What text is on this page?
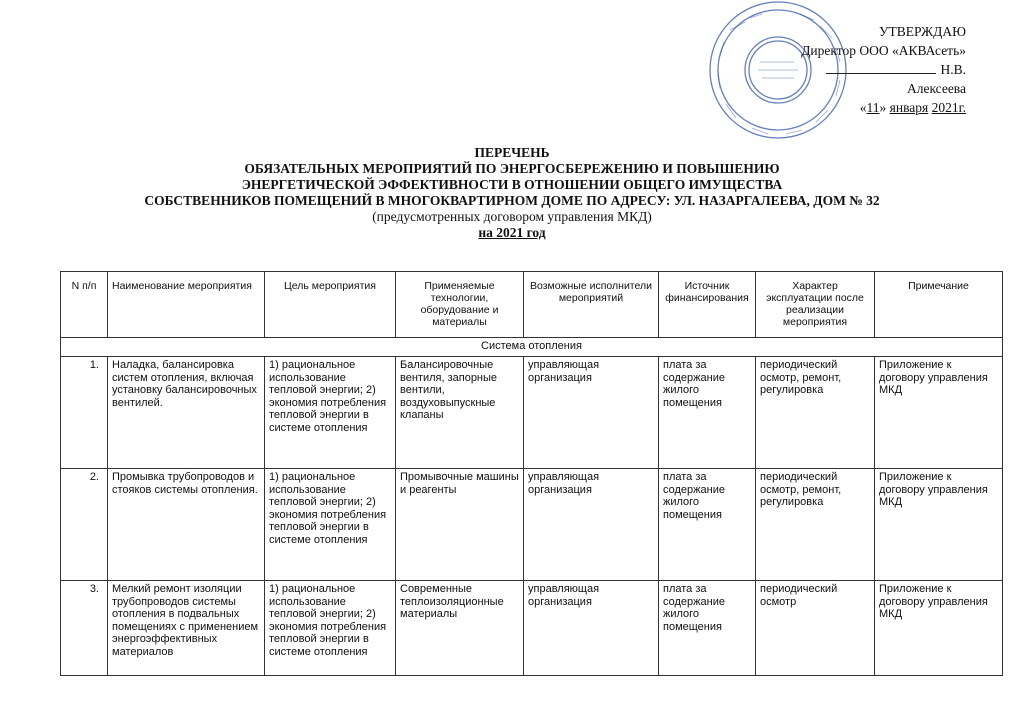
УТВЕРЖДАЮ
Директор ООО «АКВАсеть»
Н.В. Алексеева
«11» января 2021г.
ПЕРЕЧЕНЬ
ОБЯЗАТЕЛЬНЫХ МЕРОПРИЯТИЙ ПО ЭНЕРГОСБЕРЕЖЕНИЮ И ПОВЫШЕНИЮ
ЭНЕРГЕТИЧЕСКОЙ ЭФФЕКТИВНОСТИ В ОТНОШЕНИИ ОБЩЕГО ИМУЩЕСТВА
СОБСТВЕННИКОВ ПОМЕЩЕНИЙ В МНОГОКВАРТИРНОМ ДОМЕ ПО АДРЕСУ: УЛ. НАЗАРГАЛЕЕВА, ДОМ № 32
(предусмотренных договором управления МКД)
на 2021 год
N п/п	Наименование мероприятия	Цель мероприятия	Применяемые технологии, оборудование и материалы	Возможные исполнители мероприятий	Источник финансирования	Характер эксплуатации после реализации мероприятия	Примечание
Система отопления							
1.	Наладка, балансировка систем отопления, включая установку балансировочных вентилей.	1) рациональное использование тепловой энергии; 2) экономия потребления тепловой энергии в системе отопления	Балансировочные вентиля, запорные вентили, воздуховыпускные клапаны	управляющая организация	плата за содержание жилого помещения	периодический осмотр, ремонт, регулировка	Приложение к договору управления МКД
2.	Промывка трубопроводов и стояков системы отопления.	1) рациональное использование тепловой энергии; 2) экономия потребления тепловой энергии в системе отопления	Промывочные машины и реагенты	управляющая организация	плата за содержание жилого помещения	периодический осмотр, ремонт, регулировка	Приложение к договору управления МКД
3.	Мелкий ремонт изоляции трубопроводов системы отопления в подвальных помещениях с применением энергоэффективных материалов	1) рациональное использование тепловой энергии; 2) экономия потребления тепловой энергии в системе отопления	Современные теплоизоляционные материалы	управляющая организация	плата за содержание жилого помещения	периодический осмотр	Приложение к договору управления МКД
